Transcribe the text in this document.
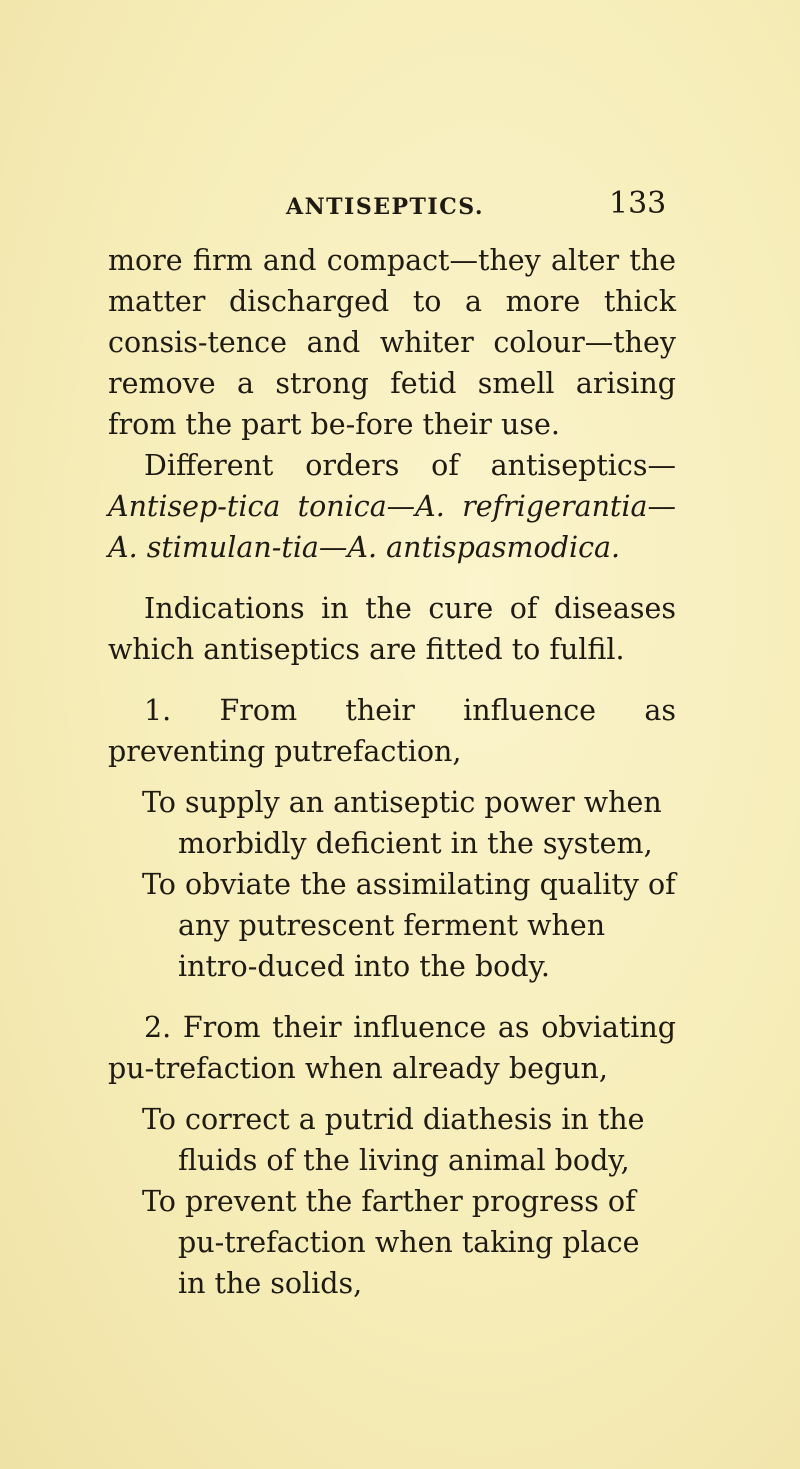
ANTISEPTICS.	133

more firm and compact—they alter the matter discharged to a more thick consis-tence and whiter colour—they remove a strong fetid smell arising from the part be-fore their use.

Different orders of antiseptics—Antisep-tica tonica—A. refrigerantia—A. stimulan-tia—A. antispasmodica.

Indications in the cure of diseases which antiseptics are fitted to fulfil.

1. From their influence as preventing putrefaction,

To supply an antiseptic power when morbidly deficient in the system,

To obviate the assimilating quality of any putrescent ferment when intro-duced into the body.

2. From their influence as obviating pu-trefaction when already begun,

To correct a putrid diathesis in the fluids of the living animal body,

To prevent the farther progress of pu-trefaction when taking place in the solids,
